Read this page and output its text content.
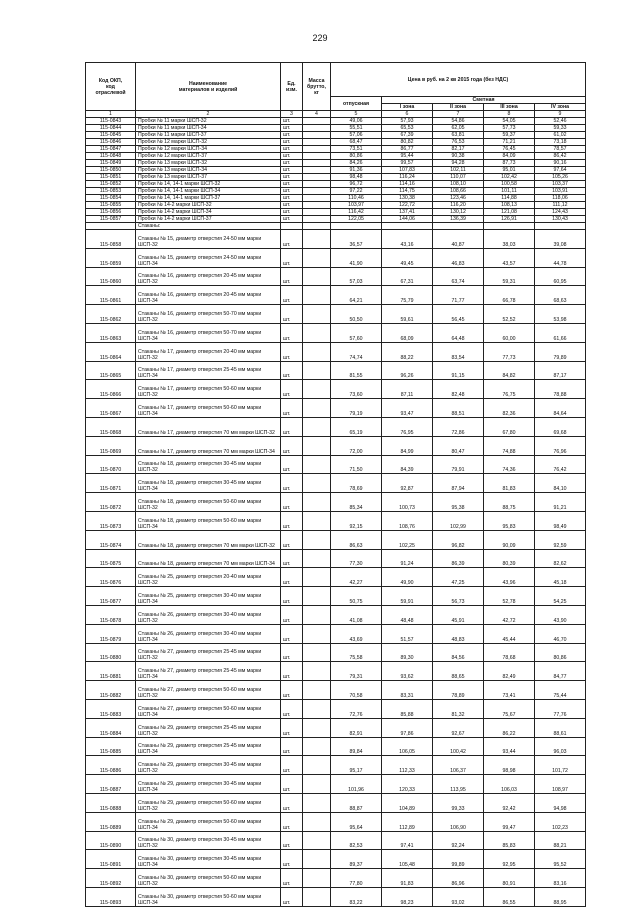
229
Код ОКП,
код
отраслевой	Наименование
материалов и изделий	Ед.
изм.	Масса
брутто,
кг	Цена в руб. на 2 кв 2015 года (без НДС)				
				отпускная	Сметная			
					I зона	II зона	III зона	IV зона
1	2	3	4	5	6	7	8	9
115-0843	Пробки № 11 марки ШСП-32	шт.		49,06	57,93	54,86	54,05	52,46
115-0844	Пробки № 11 марки ШСП-34	шт.		55,51	65,53	62,05	57,73	59,33
115-0845	Пробки № 11 марки ШСП-37	шт.		57,06	67,39	63,81	59,37	61,02
115-0846	Пробки № 12 марки ШСП-32	шт.		68,47	80,82	76,53	71,21	73,18
115-0847	Пробки № 12 марки ШСП-34	шт.		73,51	86,77	82,17	76,45	78,57
115-0848	Пробки № 12 марки ШСП-37	шт.		80,86	95,44	90,38	84,09	86,42
115-0849	Пробки № 13 марки ШСП-32	шт.		84,26	99,57	94,28	87,73	90,16
115-0850	Пробки № 13 марки ШСП-34	шт.		91,36	107,83	102,11	95,01	97,64
115-0851	Пробки № 13 марки ШСП-37	шт.		98,48	116,24	110,07	102,42	105,26
115-0852	Пробки № 14, 14-1 марки ШСП-32	шт.		96,72	114,16	108,10	100,58	103,37
115-0853	Пробки № 14, 14-1 марки ШСП-34	шт.		97,22	114,75	108,66	101,11	103,91
115-0854	Пробки № 14, 14-1 марки ШСП-37	шт.		110,46	130,38	123,46	114,88	118,06
115-0855	Пробки № 14-2 марки ШСП-32	шт.		103,97	122,72	116,20	108,13	111,12
115-0856	Пробки № 14-2 марки ШСП-34	шт.		116,42	137,41	130,12	121,08	124,43
115-0857	Пробки № 14-2 марки ШСП-37	шт.		122,05	144,06	136,39	126,91	130,43
	Стаканы:							
115-0858	Стаканы № 15, диаметр отверстия 24-50 мм марки ШСП-32	шт.		36,57	43,16	40,87	38,03	39,08
115-0859	Стаканы № 15, диаметр отверстия 24-50 мм марки ШСП-34	шт.		41,90	49,45	46,83	43,57	44,78
115-0860	Стаканы № 16, диаметр отверстия 20-45 мм марки ШСП-32	шт.		57,03	67,31	63,74	59,31	60,95
115-0861	Стаканы № 16, диаметр отверстия 20-45 мм марки ШСП-34	шт.		64,21	75,79	71,77	66,78	68,63
115-0862	Стаканы № 16, диаметр отверстия 50-70 мм марки ШСП-32	шт.		50,50	59,61	56,45	52,52	53,98
115-0863	Стаканы № 16, диаметр отверстия 50-70 мм марки ШСП-34	шт.		57,60	68,09	64,48	60,00	61,66
115-0864	Стаканы № 17, диаметр отверстия 20-40 мм марки ШСП-32	шт.		74,74	88,22	83,54	77,73	79,89
115-0865	Стаканы № 17, диаметр отверстия 25-45 мм марки ШСП-34	шт.		81,55	96,26	91,15	84,82	87,17
115-0866	Стаканы № 17, диаметр отверстия 50-60 мм марки ШСП-32	шт.		73,60	87,11	82,48	76,75	78,88
115-0867	Стаканы № 17, диаметр отверстия 50-60 мм марки ШСП-34	шт.		79,19	93,47	88,51	82,36	84,64
115-0868	Стаканы № 17, диаметр отверстия 70 мм марки ШСП-32	шт.		65,19	76,95	72,86	67,80	69,68
115-0869	Стаканы № 17, диаметр отверстия 70 мм марки ШСП-34	шт.		72,00	84,99	80,47	74,88	76,96
115-0870	Стаканы № 18, диаметр отверстия 30-45 мм марки ШСП-32	шт.		71,50	84,39	79,91	74,36	76,42
115-0871	Стаканы № 18, диаметр отверстия 30-45 мм марки ШСП-34	шт.		78,69	92,87	87,94	81,83	84,10
115-0872	Стаканы № 18, диаметр отверстия 50-60 мм марки ШСП-32	шт.		85,34	100,73	95,38	88,75	91,21
115-0873	Стаканы № 18, диаметр отверстия 50-60 мм марки ШСП-34	шт.		92,15	108,76	102,99	95,83	98,49
115-0874	Стаканы № 18, диаметр отверстия 70 мм марки ШСП-32	шт.		86,63	102,25	96,82	90,09	92,59
115-0875	Стаканы № 18, диаметр отверстия 70 мм марки ШСП-34	шт.		77,30	91,24	86,39	80,39	82,62
115-0876	Стаканы № 25, диаметр отверстия 20-40 мм марки ШСП-32	шт.		42,27	49,90	47,25	43,96	45,18
115-0877	Стаканы № 25, диаметр отверстия 30-40 мм марки ШСП-34	шт.		50,75	59,91	56,73	52,78	54,25
115-0878	Стаканы № 26, диаметр отверстия 30-40 мм марки ШСП-32	шт.		41,08	48,48	45,91	42,72	43,90
115-0879	Стаканы № 26, диаметр отверстия 30-40 мм марки ШСП-34	шт.		43,69	51,57	48,83	45,44	46,70
115-0880	Стаканы № 27, диаметр отверстия 25-45 мм марки ШСП-32	шт.		75,58	89,30	84,56	78,68	80,86
115-0881	Стаканы № 27, диаметр отверстия 25-45 мм марки ШСП-34	шт.		79,31	93,62	88,65	82,49	84,77
115-0882	Стаканы № 27, диаметр отверстия 50-60 мм марки ШСП-32	шт.		70,58	83,31	78,89	73,41	75,44
115-0883	Стаканы № 27, диаметр отверстия 50-60 мм марки ШСП-34	шт.		72,76	85,88	81,32	75,67	77,76
115-0884	Стаканы № 29, диаметр отверстия 25-45 мм марки ШСП-32	шт.		82,91	97,86	92,67	86,22	88,61
115-0885	Стаканы № 29, диаметр отверстия 25-45 мм марки ШСП-34	шт.		89,84	106,05	100,42	93,44	96,03
115-0886	Стаканы № 29, диаметр отверстия 30-45 мм марки ШСП-32	шт.		95,17	112,33	106,37	98,98	101,72
115-0887	Стаканы № 29, диаметр отверстия 30-45 мм марки ШСП-34	шт.		101,96	120,33	113,95	106,03	108,97
115-0888	Стаканы № 29, диаметр отверстия 50-60 мм марки ШСП-32	шт.		88,87	104,89	99,33	92,42	94,98
115-0889	Стаканы № 29, диаметр отверстия 50-60 мм марки ШСП-34	шт.		95,64	112,89	106,90	99,47	102,23
115-0890	Стаканы № 30, диаметр отверстия 30-45 мм марки ШСП-32	шт.		82,53	97,41	92,24	85,83	88,21
115-0891	Стаканы № 30, диаметр отверстия 30-45 мм марки ШСП-34	шт.		89,37	105,48	99,89	92,95	95,52
115-0892	Стаканы № 30, диаметр отверстия 50-60 мм марки ШСП-32	шт.		77,80	91,83	86,96	80,91	83,16
115-0893	Стаканы № 30, диаметр отверстия 50-60 мм марки ШСП-34	шт.		83,22	98,23	93,02	86,55	88,95
